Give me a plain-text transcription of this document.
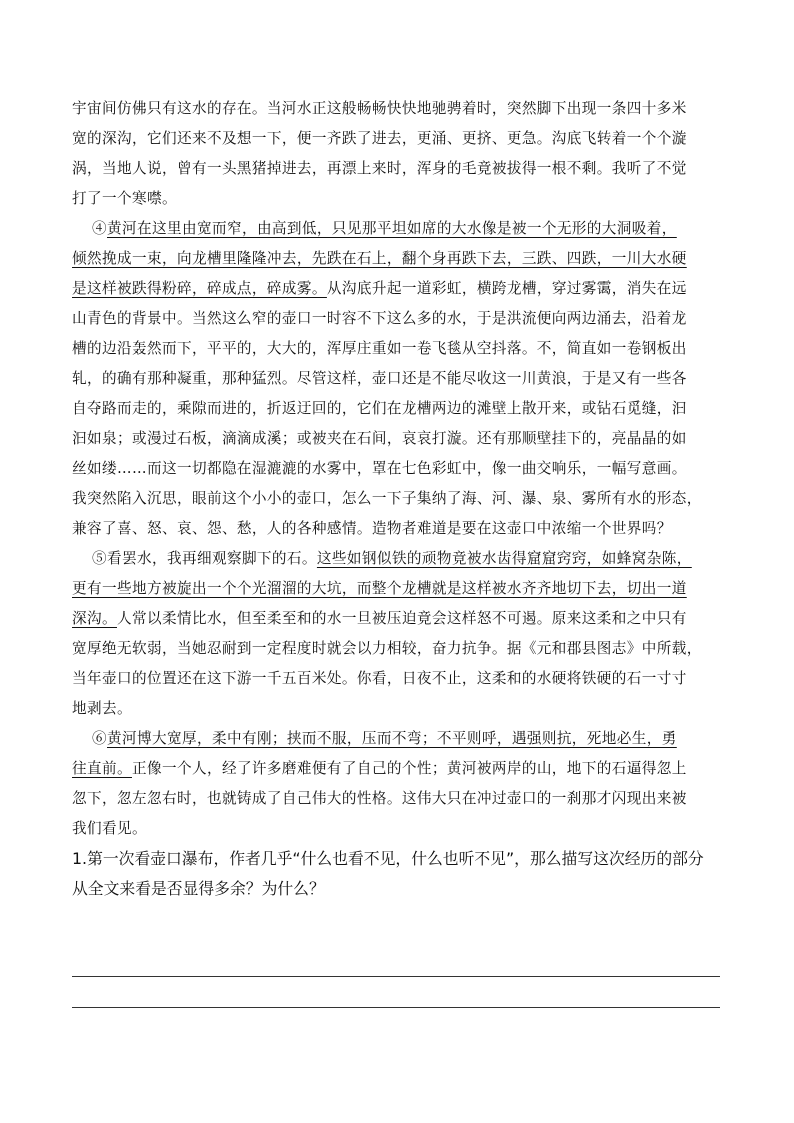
宇宙间仿佛只有这水的存在。当河水正这般畅畅快快地驰骋着时，突然脚下出现一条四十多米
宽的深沟，它们还来不及想一下，便一齐跌了进去，更涌、更挤、更急。沟底飞转着一个个漩
涡，当地人说，曾有一头黑猪掉进去，再漂上来时，浑身的毛竟被拔得一根不剩。我听了不觉
打了一个寒噤。
④黄河在这里由宽而窄，由高到低，只见那平坦如席的大水像是被一个无形的大洞吸着，
倾然挽成一束，向龙槽里隆隆冲去，先跌在石上，翻个身再跌下去，三跌、四跌，一川大水硬
是这样被跌得粉碎，碎成点，碎成雾。从沟底升起一道彩虹，横跨龙槽，穿过雾霭，消失在远
山青色的背景中。当然这么窄的壶口一时容不下这么多的水，于是洪流便向两边涌去，沿着龙
槽的边沿轰然而下，平平的，大大的，浑厚庄重如一卷飞毯从空抖落。不，简直如一卷钢板出
轧，的确有那种凝重，那种猛烈。尽管这样，壶口还是不能尽收这一川黄浪，于是又有一些各
自夺路而走的，乘隙而进的，折返迂回的，它们在龙槽两边的滩壁上散开来，或钻石觅缝，汩
汩如泉；或漫过石板，滴滴成溪；或被夹在石间，哀哀打漩。还有那顺壁挂下的，亮晶晶的如
丝如缕……而这一切都隐在湿漉漉的水雾中，罩在七色彩虹中，像一曲交响乐，一幅写意画。
我突然陷入沉思，眼前这个小小的壶口，怎么一下子集纳了海、河、瀑、泉、雾所有水的形态，
兼容了喜、怒、哀、怨、愁，人的各种感情。造物者难道是要在这壶口中浓缩一个世界吗？
⑤看罢水，我再细观察脚下的石。这些如钢似铁的顽物竟被水齿得窟窟窍窍，如蜂窝杂陈，
更有一些地方被旋出一个个光溜溜的大坑，而整个龙槽就是这样被水齐齐地切下去，切出一道
深沟。人常以柔情比水，但至柔至和的水一旦被压迫竟会这样怒不可遏。原来这柔和之中只有
宽厚绝无软弱，当她忍耐到一定程度时就会以力相较，奋力抗争。据《元和郡县图志》中所载，
当年壶口的位置还在这下游一千五百米处。你看，日夜不止，这柔和的水硬将铁硬的石一寸寸
地剥去。
⑥黄河博大宽厚，柔中有刚；挟而不服，压而不弯；不平则呼，遇强则抗，死地必生，勇
往直前。正像一个人，经了许多磨难便有了自己的个性；黄河被两岸的山，地下的石逼得忽上
忽下，忽左忽右时，也就铸成了自己伟大的性格。这伟大只在冲过壶口的一刹那才闪现出来被
我们看见。
1.第一次看壶口瀑布，作者几乎“什么也看不见，什么也听不见”，那么描写这次经历的部分
从全文来看是否显得多余？为什么？
